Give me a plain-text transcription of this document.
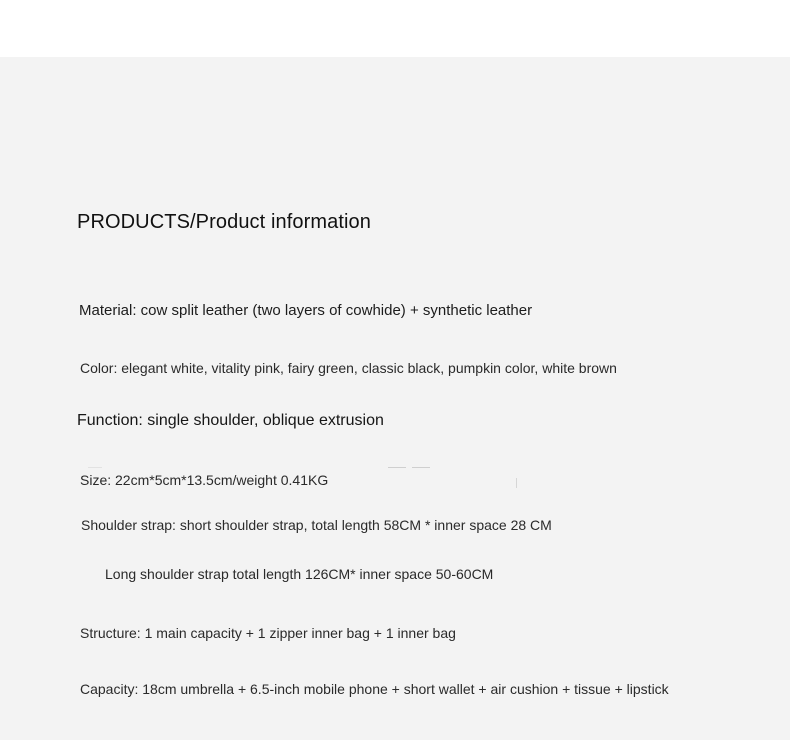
PRODUCTS/Product information

Material: cow split leather (two layers of cowhide) + synthetic leather

Color: elegant white, vitality pink, fairy green, classic black, pumpkin color, white brown

Function: single shoulder, oblique extrusion

Size: 22cm*5cm*13.5cm/weight 0.41KG

Shoulder strap: short shoulder strap, total length 58CM * inner space 28 CM

Long shoulder strap total length 126CM* inner space 50-60CM

Structure: 1 main capacity + 1 zipper inner bag + 1 inner bag

Capacity: 18cm umbrella + 6.5-inch mobile phone + short wallet + air cushion + tissue + lipstick
